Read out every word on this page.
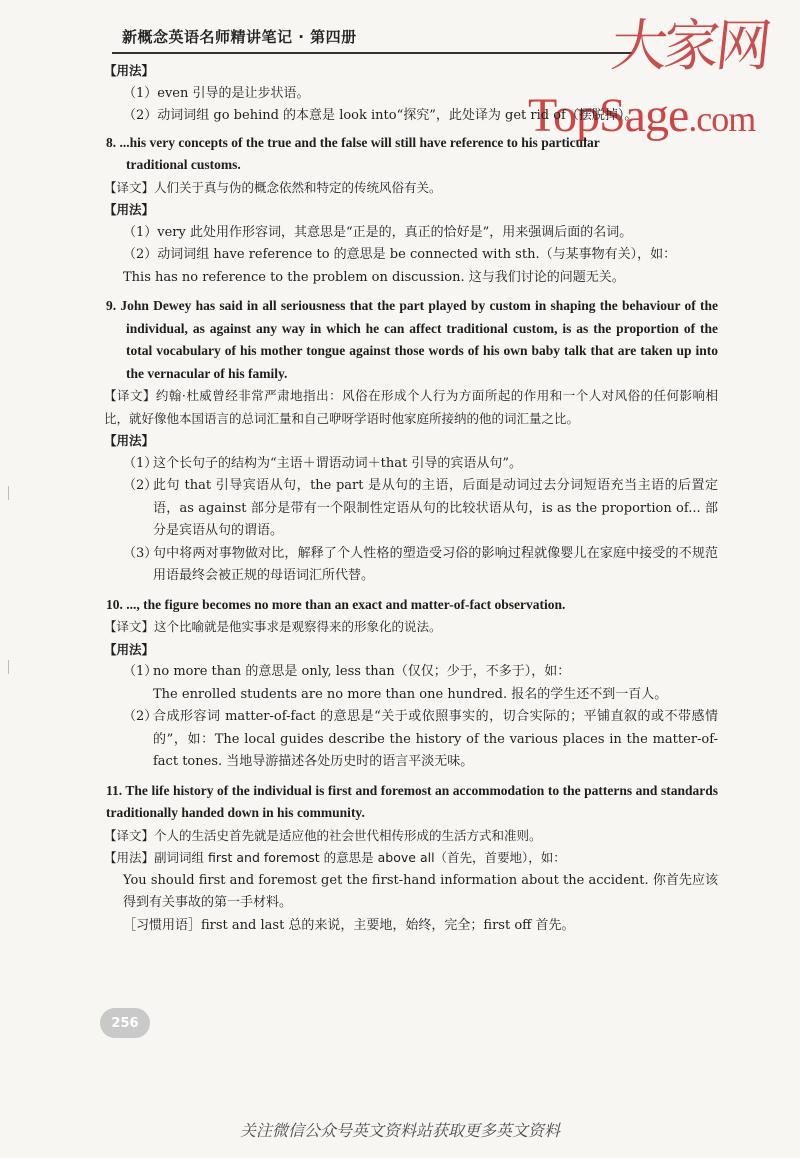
新概念英语名师精讲笔记 · 第四册	大家网
TopSage.com
【用法】
（1）even 引导的是让步状语。
（2）动词词组 go behind 的本意是 look into“探究”，此处译为 get rid of（摆脱掉）。
8. ...his very concepts of the true and the false will still have reference to his particular

traditional customs.
【译文】人们关于真与伪的概念依然和特定的传统风俗有关。
【用法】
（1）very 此处用作形容词，其意思是“正是的，真正的恰好是”，用来强调后面的名词。
（2）动词词组 have reference to 的意思是 be connected with sth.（与某事物有关），如：
This has no reference to the problem on discussion. 这与我们讨论的问题无关。
9. John Dewey has said in all seriousness that the part played by custom in shaping the behaviour of the individual, as against any way in which he can affect traditional custom, is as the proportion of the total vocabulary of his mother tongue against those words of his own baby talk that are taken up into the vernacular of his family.
【译文】约翰·杜威曾经非常严肃地指出：风俗在形成个人行为方面所起的作用和一个人对风俗的任何影响相比，就好像他本国语言的总词汇量和自己咿呀学语时他家庭所接纳的他的词汇量之比。
【用法】
（1）
这个长句子的结构为“主语＋谓语动词＋that 引导的宾语从句”。
（2）
此句 that 引导宾语从句，the part 是从句的主语，后面是动词过去分词短语充当主语的后置定语，as against 部分是带有一个限制性定语从句的比较状语从句，is as the proportion of... 部分是宾语从句的谓语。
（3）
句中将两对事物做对比，解释了个人性格的塑造受习俗的影响过程就像婴儿在家庭中接受的不规范用语最终会被正规的母语词汇所代替。
10. ..., the figure becomes no more than an exact and matter-of-fact observation.
【译文】这个比喻就是他实事求是观察得来的形象化的说法。
【用法】
（1）
no more than 的意思是 only, less than（仅仅；少于，不多于），如：
The enrolled students are no more than one hundred. 报名的学生还不到一百人。
（2）
合成形容词 matter-of-fact 的意思是“关于或依照事实的，切合实际的；平铺直叙的或不带感情的”，如：The local guides describe the history of the various places in the matter-of-fact tones. 当地导游描述各处历史时的语言平淡无味。
11. The life history of the individual is first and foremost an accommodation to the patterns and standards traditionally handed down in his community.
【译文】个人的生活史首先就是适应他的社会世代相传形成的生活方式和准则。
【用法】副词词组 first and foremost 的意思是 above all（首先，首要地），如：
You should first and foremost get the first-hand information about the accident. 你首先应该得到有关事故的第一手材料。
［习惯用语］first and last 总的来说，主要地，始终，完全；first off 首先。
256
关注微信公众号英文资料站获取更多英文资料
